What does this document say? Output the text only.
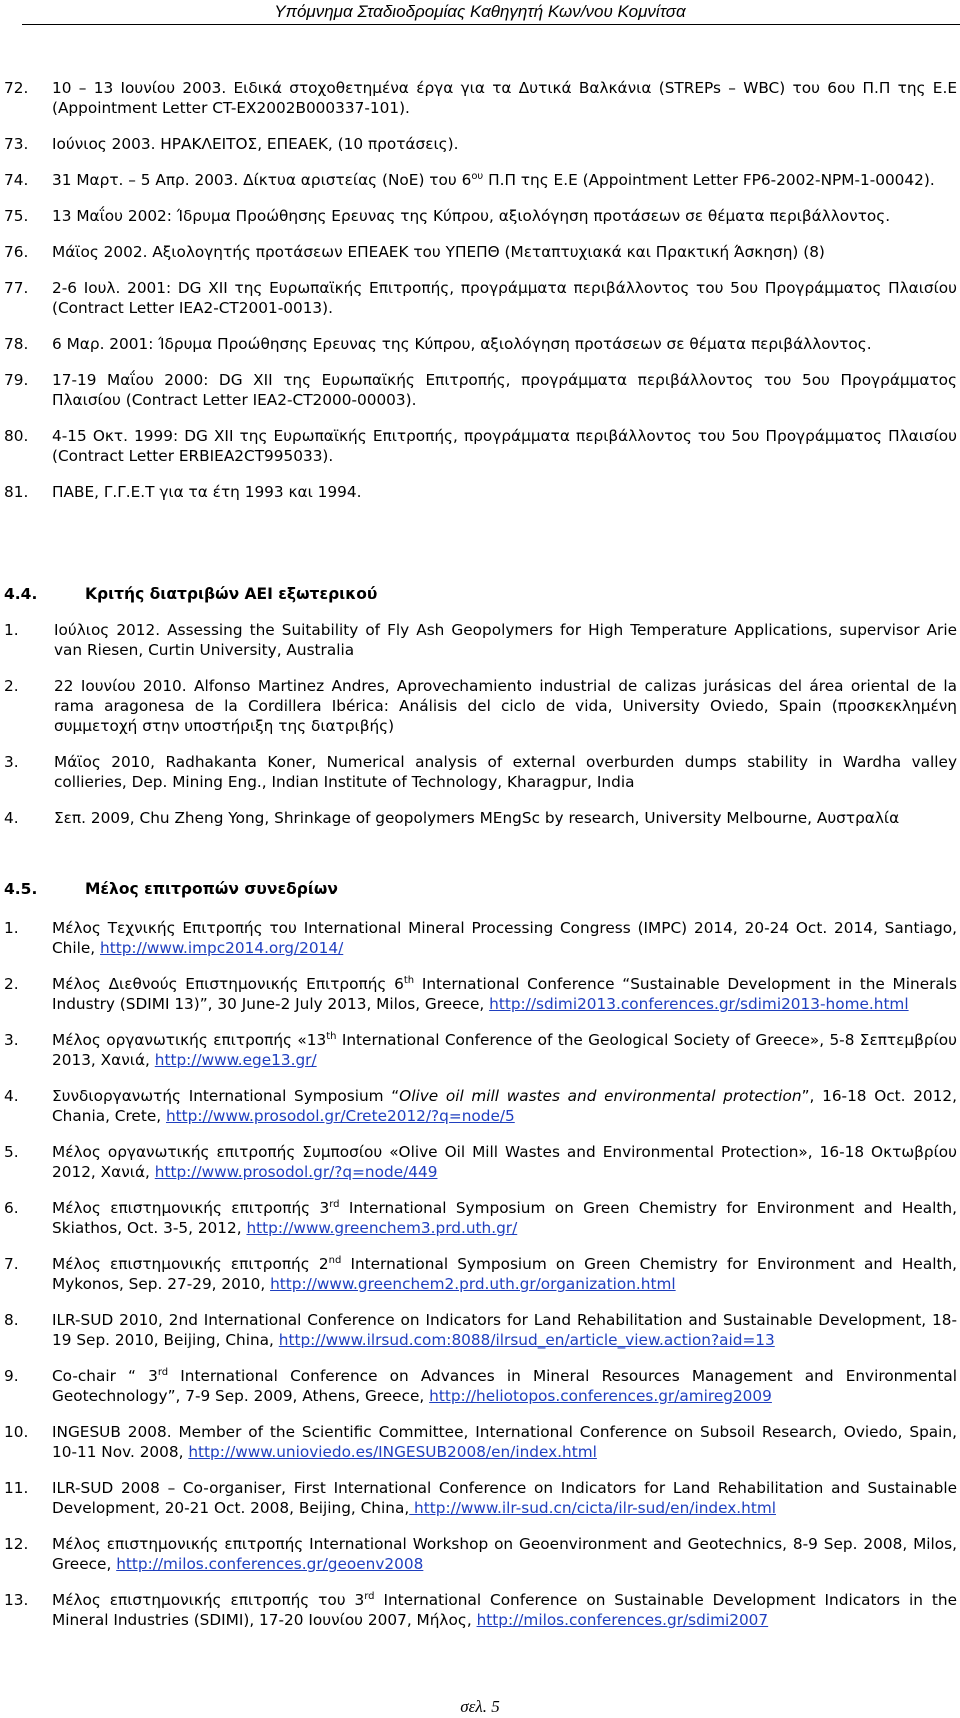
Υπόμνημα Σταδιοδρομίας Καθηγητή Κων/νου Κομνίτσα
72.	10 – 13 Ιουνίου 2003. Ειδικά στοχοθετημένα έργα για τα Δυτικά Βαλκάνια (STREPs – WBC) του 6ου Π.Π της Ε.Ε (Appointment Letter CT-EX2002B000337-101).
73.	Ιούνιος 2003. ΗΡΑΚΛΕΙΤΟΣ, ΕΠΕΑΕΚ, (10 προτάσεις).
74.	31 Μαρτ. – 5 Απρ. 2003. Δίκτυα αριστείας (NoE) του $6^{o\upsilon}$ Π.Π της Ε.Ε (Appointment Letter FP6-2002-NPM-1-00042).
75.	13 Μαΐου 2002: Ίδρυμα Προώθησης Ερευνας της Κύπρου, αξιολόγηση προτάσεων σε θέματα περιβάλλοντος.
76.	Μάϊος 2002. Αξιολογητής προτάσεων ΕΠΕΑΕΚ του ΥΠΕΠΘ (Μεταπτυχιακά και Πρακτική Άσκηση) (8)
77.	2-6 Ιουλ. 2001: DG XII της Ευρωπαϊκής Επιτροπής, προγράμματα περιβάλλοντος του 5ου Προγράμματος Πλαισίου (Contract Letter IEA2-CT2001-0013).
78.	6 Μαρ. 2001: Ίδρυμα Προώθησης Ερευνας της Κύπρου, αξιολόγηση προτάσεων σε θέματα περιβάλλοντος.
79.	17-19 Μαΐου 2000: DG XII της Ευρωπαϊκής Επιτροπής, προγράμματα περιβάλλοντος του 5ου Προγράμματος Πλαισίου (Contract Letter IEA2-CT2000-00003).
80.	4-15 Οκτ. 1999: DG XII της Ευρωπαϊκής Επιτροπής, προγράμματα περιβάλλοντος του 5ου Προγράμματος Πλαισίου (Contract Letter ERBIEA2CT995033).
81.	ΠΑΒΕ, Γ.Γ.Ε.Τ για τα έτη 1993 και 1994.
4.4.	Κριτής διατριβών ΑΕΙ εξωτερικού
1.	Ιούλιος 2012. Assessing the Suitability of Fly Ash Geopolymers for High Temperature Applications, supervisor Arie van Riesen, Curtin University, Australia
2.	22 Ιουνίου 2010. Alfonso Martinez Andres, Aprovechamiento industrial de calizas jurásicas del área oriental de la rama aragonesa de la Cordillera Ibérica: Análisis del ciclo de vida, University Oviedo, Spain (προσκεκλημένη συμμετοχή στην υποστήριξη της διατριβής)
3.	Μάϊος 2010, Radhakanta Koner, Numerical analysis of external overburden dumps stability in Wardha valley collieries, Dep. Mining Eng., Indian Institute of Technology, Kharagpur, India
4.	Σεπ. 2009, Chu Zheng Yong, Shrinkage of geopolymers MEngSc by research, University Melbourne, Αυστραλία
4.5.	Μέλος επιτροπών συνεδρίων
1.	Μέλος Τεχνικής Επιτροπής του International Mineral Processing Congress (IMPC) 2014, 20-24 Oct. 2014, Santiago, Chile, http://www.impc2014.org/2014/
2.	Μέλος Διεθνούς Επιστημονικής Επιτροπής 6th International Conference “Sustainable Development in the Minerals Industry (SDIMI 13)”, 30 June-2 July 2013, Milos, Greece, http://sdimi2013.conferences.gr/sdimi2013-home.html
3.	Μέλος οργανωτικής επιτροπής «13th International Conference of the Geological Society of Greece», 5-8 Σεπτεμβρίου 2013, Χανιά, http://www.ege13.gr/
4.	Συνδιοργανωτής International Symposium “Olive oil mill wastes and environmental protection”, 16-18 Oct. 2012, Chania, Crete, http://www.prosodol.gr/Crete2012/?q=node/5
5.	Μέλος οργανωτικής επιτροπής Συμποσίου «Olive Oil Mill Wastes and Environmental Protection», 16-18 Οκτωβρίου 2012, Χανιά, http://www.prosodol.gr/?q=node/449
6.	Μέλος επιστημονικής επιτροπής 3rd International Symposium on Green Chemistry for Environment and Health, Skiathos, Oct. 3-5, 2012, http://www.greenchem3.prd.uth.gr/
7.	Μέλος επιστημονικής επιτροπής 2nd International Symposium on Green Chemistry for Environment and Health, Mykonos, Sep. 27-29, 2010, http://www.greenchem2.prd.uth.gr/organization.html
8.	ILR-SUD 2010, 2nd International Conference on Indicators for Land Rehabilitation and Sustainable Development, 18-19 Sep. 2010, Beijing, China, http://www.ilrsud.com:8088/ilrsud_en/article_view.action?aid=13
9.	Co-chair “ 3rd International Conference on Advances in Mineral Resources Management and Environmental Geotechnology”, 7-9 Sep. 2009, Athens, Greece, http://heliotopos.conferences.gr/amireg2009
10.	INGESUB 2008. Member of the Scientific Committee, International Conference on Subsoil Research, Oviedo, Spain, 10-11 Nov. 2008, http://www.unioviedo.es/INGESUB2008/en/index.html
11.	ILR-SUD 2008 – Co-organiser, First International Conference on Indicators for Land Rehabilitation and Sustainable Development, 20-21 Oct. 2008, Beijing, China, http://www.ilr-sud.cn/cicta/ilr-sud/en/index.html
12.	Μέλος επιστημονικής επιτροπής International Workshop on Geoenvironment and Geotechnics, 8-9 Sep. 2008, Milos, Greece, http://milos.conferences.gr/geoenv2008
13.	Μέλος επιστημονικής επιτροπής του 3rd International Conference on Sustainable Development Indicators in the Mineral Industries (SDIMI), 17-20 Ιουνίου 2007, Μήλος, http://milos.conferences.gr/sdimi2007
σελ. 5
